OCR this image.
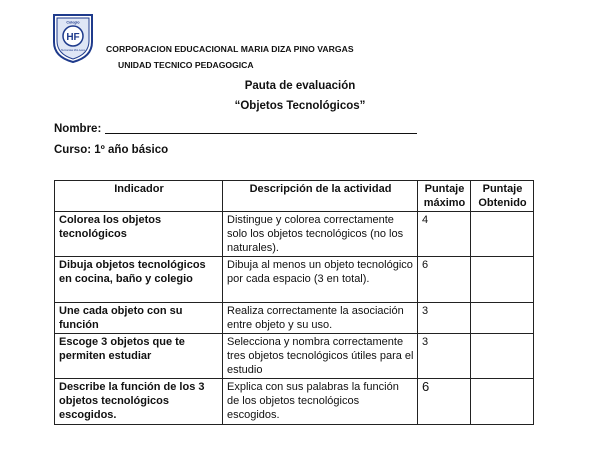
HF
Colegio
Hermanitas Mini-Jesús CORPORACION EDUCACIONAL MARIA DIZA PINO VARGAS
UNIDAD TECNICO PEDAGOGICA
Pauta de evaluación
“Objetos Tecnológicos”
Nombre:
Curso: 1º año básico
Indicador	Descripción de la actividad	Puntaje máximo	Puntaje Obtenido
Colorea los objetos tecnológicos	Distingue y colorea correctamente solo los objetos tecnológicos (no los naturales).	4	
Dibuja objetos tecnológicos en cocina, baño y colegio	Dibuja al menos un objeto tecnológico por cada espacio (3 en total).	6	
Une cada objeto con su función	Realiza correctamente la asociación entre objeto y su uso.	3	
Escoge 3 objetos que te permiten estudiar	Selecciona y nombra correctamente tres objetos tecnológicos útiles para el estudio	3	
Describe la función de los 3 objetos tecnológicos escogidos.	Explica con sus palabras la función de los objetos tecnológicos escogidos.	6	
